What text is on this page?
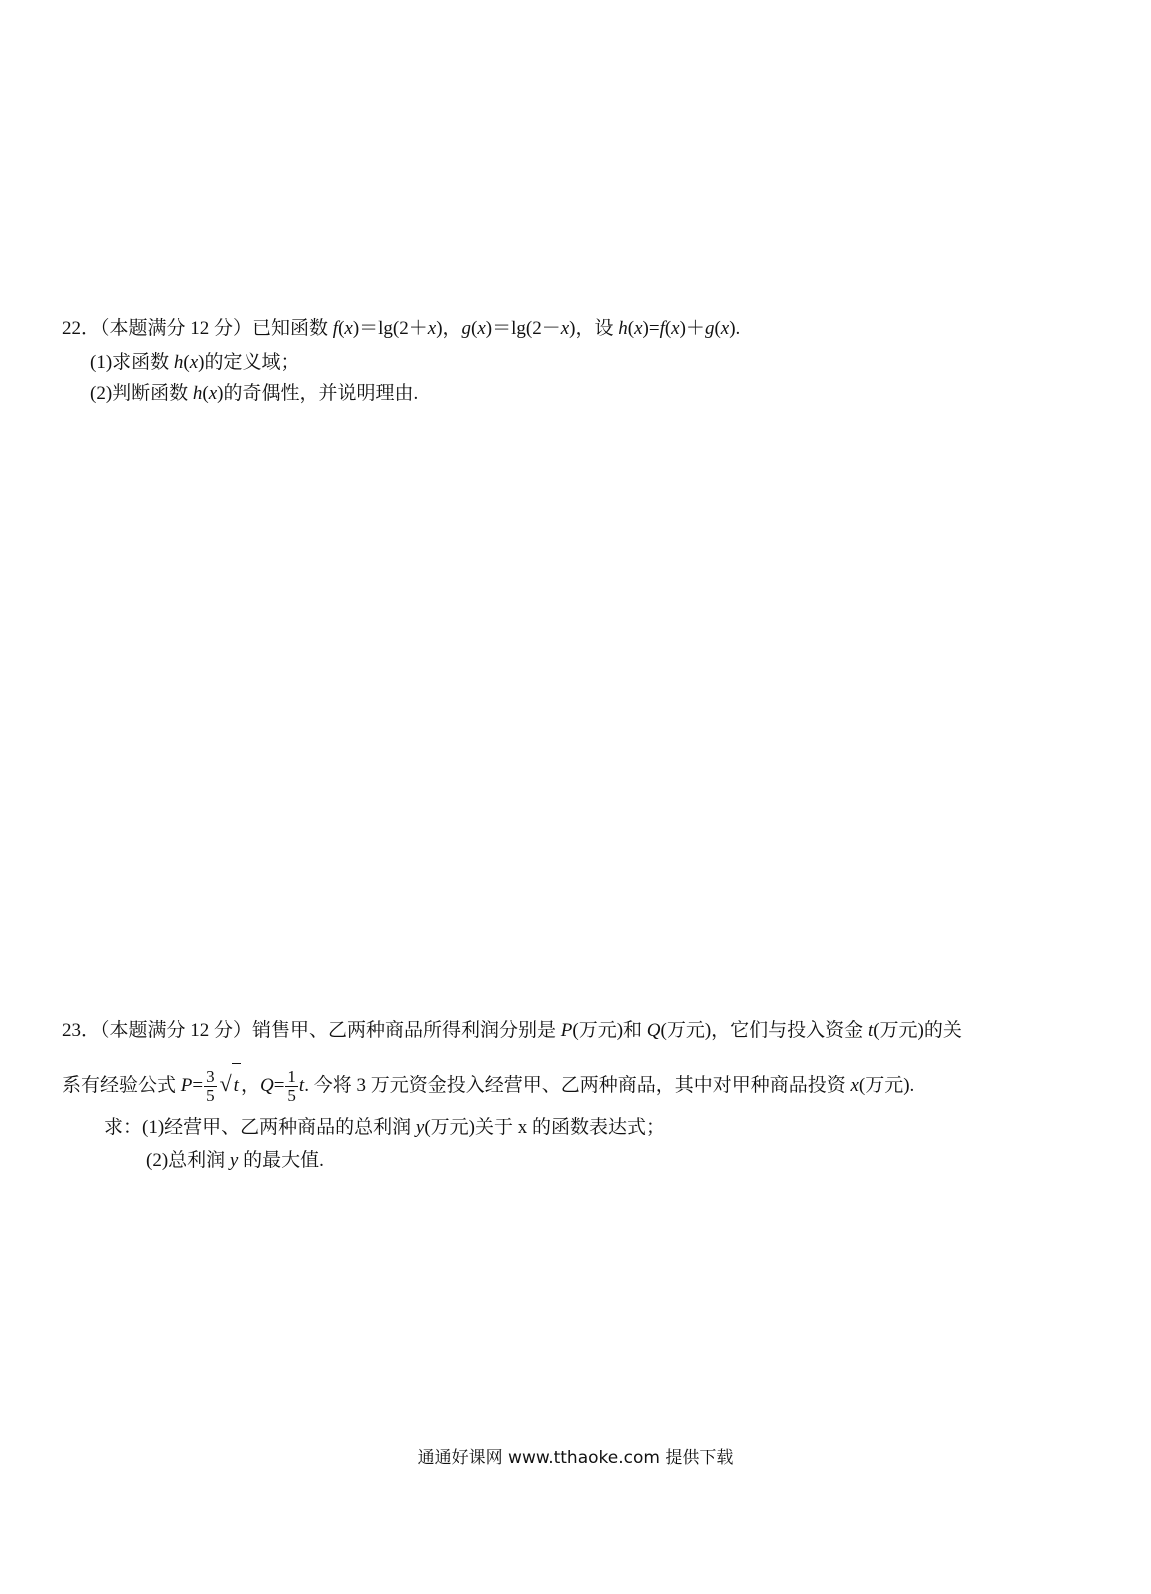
22．（本题满分 12 分）已知函数 f(x)＝lg(2＋x)，g(x)＝lg(2－x)，设 h(x)=f(x)＋g(x).
(1)求函数 h(x)的定义域；
(2)判断函数 h(x)的奇偶性，并说明理由.
23．（本题满分 12 分）销售甲、乙两种商品所得利润分别是 P(万元)和 Q(万元)，它们与投入资金 t(万元)的关
系有经验公式 $P= \frac{3}{5}$ √ t ，$Q= \frac{1}{5} t$. 今将 3 万元资金投入经营甲、乙两种商品，其中对甲种商品投资 x(万元).
求：(1)经营甲、乙两种商品的总利润 y(万元)关于 x 的函数表达式；
(2)总利润 y 的最大值.
通通好课网 www.tthaoke.com 提供下载
